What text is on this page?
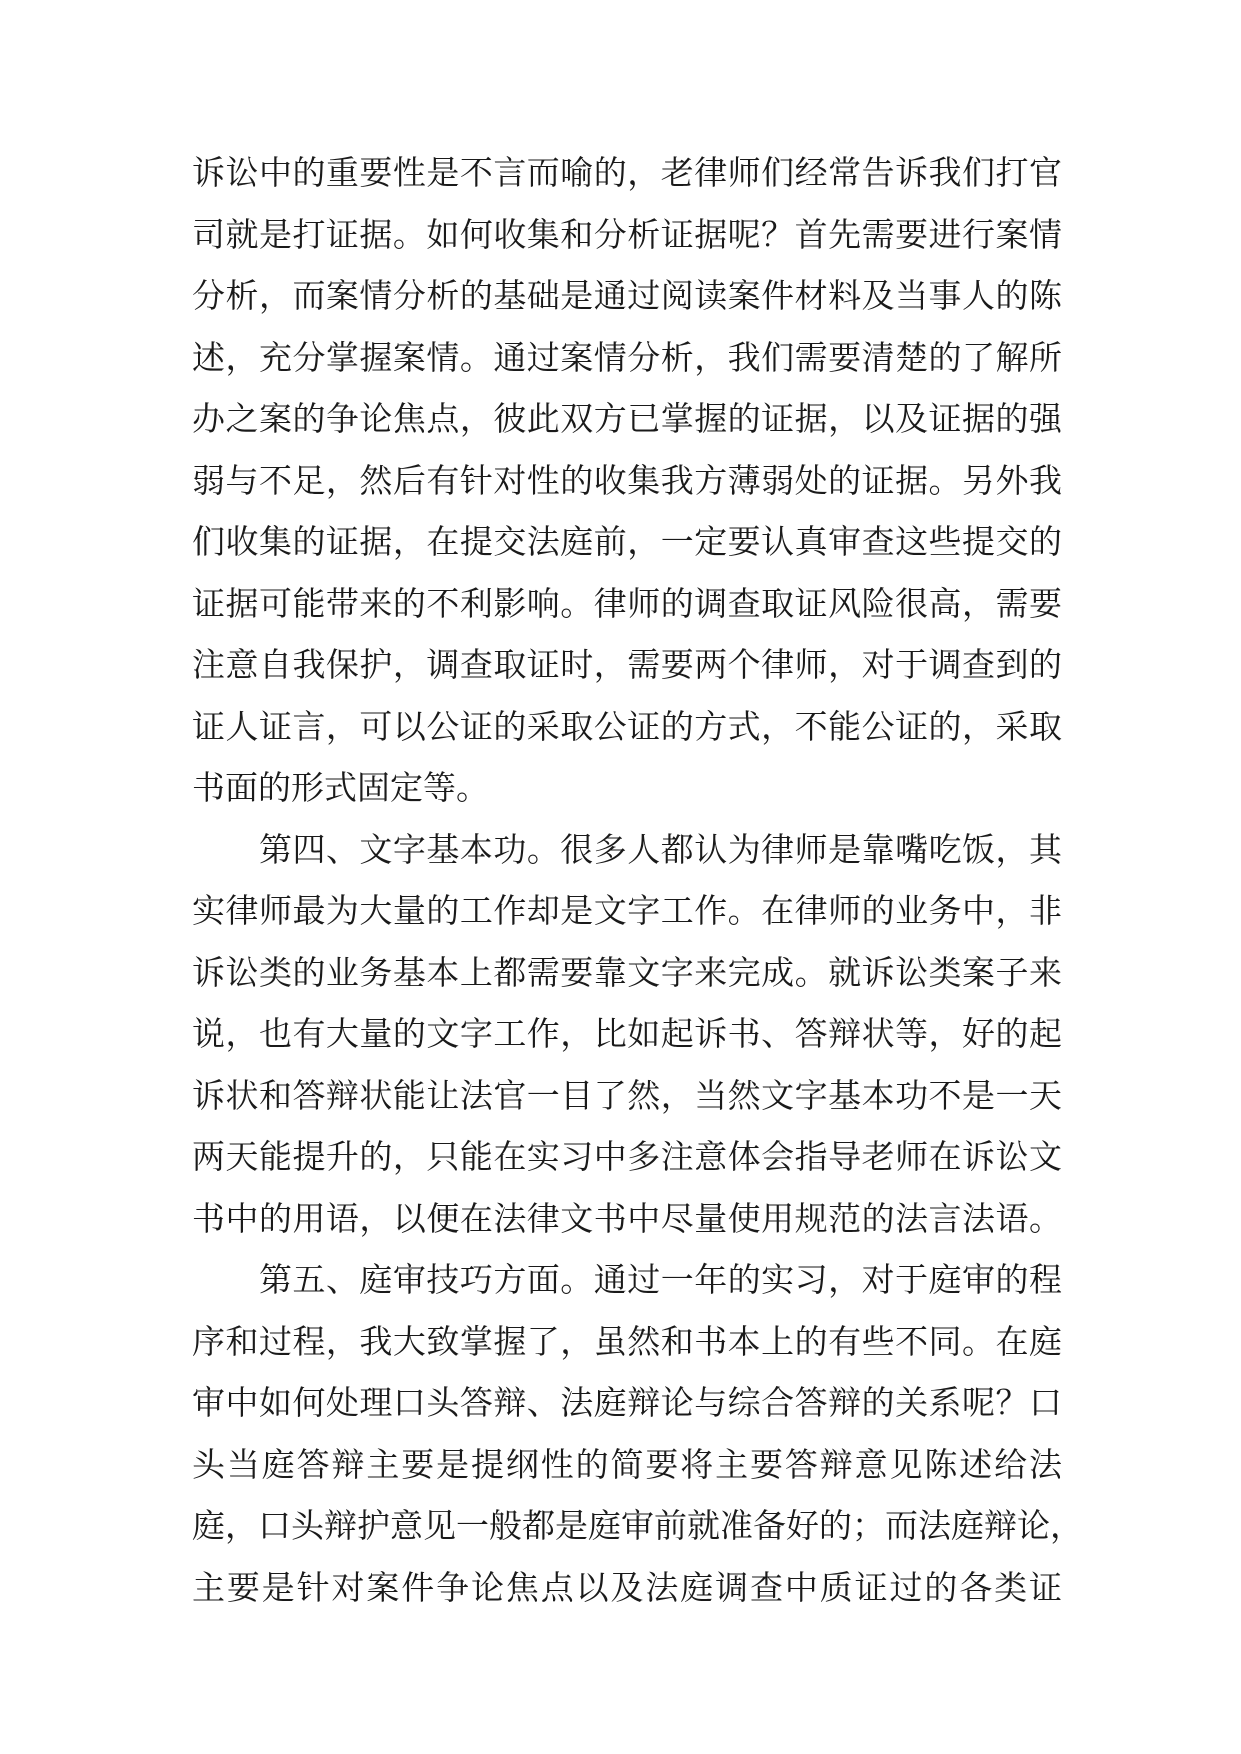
诉讼中的重要性是不言而喻的，老律师们经常告诉我们打官
司就是打证据。如何收集和分析证据呢？首先需要进行案情
分析，而案情分析的基础是通过阅读案件材料及当事人的陈
述，充分掌握案情。通过案情分析，我们需要清楚的了解所
办之案的争论焦点，彼此双方已掌握的证据，以及证据的强
弱与不足，然后有针对性的收集我方薄弱处的证据。另外我
们收集的证据，在提交法庭前，一定要认真审查这些提交的
证据可能带来的不利影响。律师的调查取证风险很高，需要
注意自我保护，调查取证时，需要两个律师，对于调查到的
证人证言，可以公证的采取公证的方式，不能公证的，采取
书面的形式固定等。
第四、文字基本功。很多人都认为律师是靠嘴吃饭，其
实律师最为大量的工作却是文字工作。在律师的业务中，非
诉讼类的业务基本上都需要靠文字来完成。就诉讼类案子来
说，也有大量的文字工作，比如起诉书、答辩状等，好的起
诉状和答辩状能让法官一目了然，当然文字基本功不是一天
两天能提升的，只能在实习中多注意体会指导老师在诉讼文
书中的用语，以便在法律文书中尽量使用规范的法言法语。
第五、庭审技巧方面。通过一年的实习，对于庭审的程
序和过程，我大致掌握了，虽然和书本上的有些不同。在庭
审中如何处理口头答辩、法庭辩论与综合答辩的关系呢？口
头当庭答辩主要是提纲性的简要将主要答辩意见陈述给法
庭，口头辩护意见一般都是庭审前就准备好的；而法庭辩论，
主要是针对案件争论焦点以及法庭调查中质证过的各类证
